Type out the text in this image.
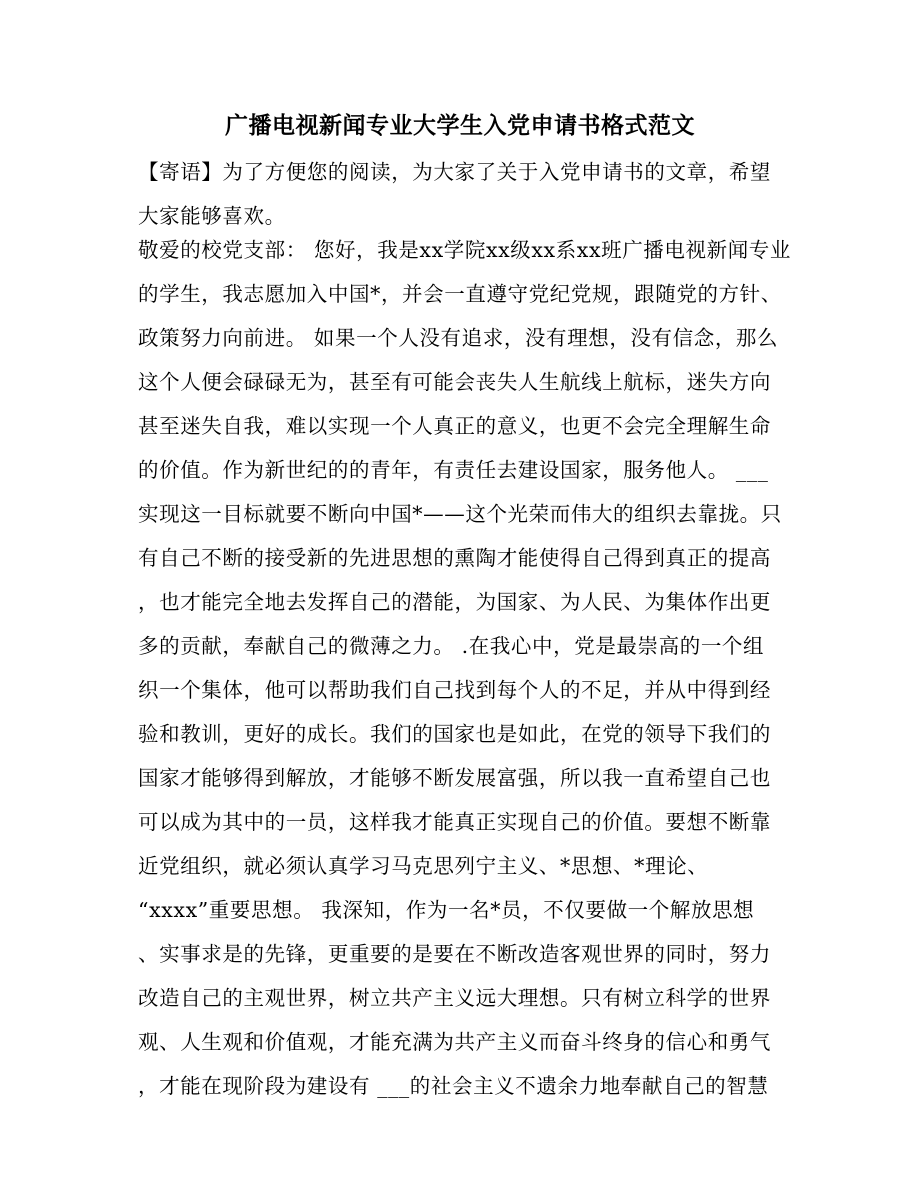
广播电视新闻专业大学生入党申请书格式范文
【寄语】为了方便您的阅读，为大家了关于入党申请书的文章，希望
大家能够喜欢。
敬爱的校党支部： 您好，我是xx学院xx级xx系xx班广播电视新闻专业
的学生，我志愿加入中国*，并会一直遵守党纪党规，跟随党的方针、
政策努力向前进。 如果一个人没有追求，没有理想，没有信念，那么
这个人便会碌碌无为，甚至有可能会丧失人生航线上航标，迷失方向
甚至迷失自我，难以实现一个人真正的意义，也更不会完全理解生命
的价值。作为新世纪的的青年，有责任去建设国家，服务他人。 ___
实现这一目标就要不断向中国*——这个光荣而伟大的组织去靠拢。只
有自己不断的接受新的先进思想的熏陶才能使得自己得到真正的提高
，也才能完全地去发挥自己的潜能，为国家、为人民、为集体作出更
多的贡献，奉献自己的微薄之力。 .在我心中，党是最崇高的一个组
织一个集体，他可以帮助我们自己找到每个人的不足，并从中得到经
验和教训，更好的成长。我们的国家也是如此，在党的领导下我们的
国家才能够得到解放，才能够不断发展富强，所以我一直希望自己也
可以成为其中的一员，这样我才能真正实现自己的价值。要想不断靠
近党组织，就必须认真学习马克思列宁主义、*思想、*理论、
“xxxx”重要思想。 我深知，作为一名*员，不仅要做一个解放思想
、实事求是的先锋，更重要的是要在不断改造客观世界的同时，努力
改造自己的主观世界，树立共产主义远大理想。只有树立科学的世界
观、人生观和价值观，才能充满为共产主义而奋斗终身的信心和勇气
，才能在现阶段为建设有 ___的社会主义不遗余力地奉献自己的智慧
